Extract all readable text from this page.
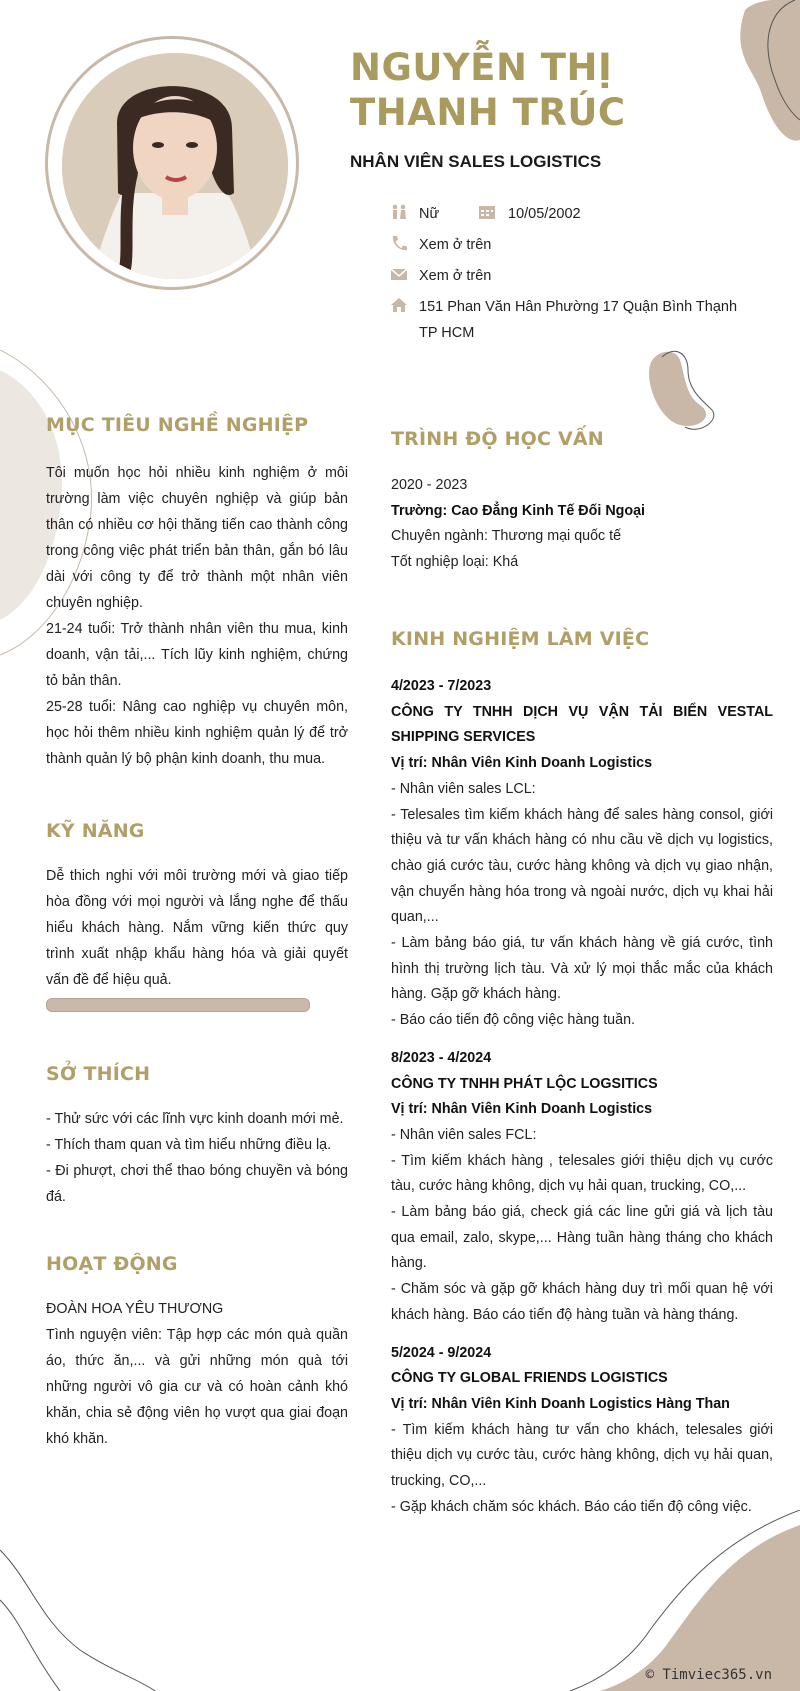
NGUYỄN THỊ THANH TRÚC
NHÂN VIÊN SALES LOGISTICS
Nữ	10/05/2002
Xem ở trên
Xem ở trên
151 Phan Văn Hân Phường 17 Quận Bình Thạnh
TP HCM
MỤC TIÊU NGHỀ NGHIỆP

Tôi muốn học hỏi nhiều kinh nghiệm ở môi trường làm việc chuyên nghiệp và giúp bản thân có nhiều cơ hội thăng tiến cao thành công trong công việc phát triển bản thân, gắn bó lâu dài với công ty để trở thành một nhân viên chuyên nghiệp.

21-24 tuổi: Trở thành nhân viên thu mua, kinh doanh, vận tải,... Tích lũy kinh nghiệm, chứng tỏ bản thân.

25-28 tuổi: Nâng cao nghiệp vụ chuyên môn, học hỏi thêm nhiều kinh nghiệm quản lý để trở thành quản lý bộ phận kinh doanh, thu mua.

KỸ NĂNG
Dễ thich nghi với môi trường mới và giao tiếp hòa đồng với mọi người và lắng nghe để thấu hiểu khách hàng. Nắm vững kiến thức quy trình xuất nhập khẩu hàng hóa và giải quyết vấn đề để hiệu quả.
SỞ THÍCH

- Thử sức với các lĩnh vực kinh doanh mới mẻ.

- Thích tham quan và tìm hiểu những điều lạ.

- Đi phượt, chơi thể thao bóng chuyền và bóng đá.

HOẠT ĐỘNG

ĐOÀN HOA YÊU THƯƠNG

Tình nguyện viên: Tập hợp các món quà quần áo, thức ăn,... và gửi những món quà tới những người vô gia cư và có hoàn cảnh khó khăn, chia sẻ động viên họ vượt qua giai đoạn khó khăn.

TRÌNH ĐỘ HỌC VẤN
2020 - 2023
Trường: Cao Đẳng Kinh Tế Đối Ngoại
Chuyên ngành: Thương mại quốc tế
Tốt nghiệp loại: Khá
KINH NGHIỆM LÀM VIỆC
4/2023 - 7/2023
CÔNG TY TNHH DỊCH VỤ VẬN TẢI BIỂN VESTAL SHIPPING SERVICES
Vị trí: Nhân Viên Kinh Doanh Logistics
- Nhân viên sales LCL:
- Telesales tìm kiếm khách hàng để sales hàng consol, giới thiệu và tư vấn khách hàng có nhu cầu về dịch vụ logistics, chào giá cước tàu, cước hàng không và dịch vụ giao nhận, vận chuyển hàng hóa trong và ngoài nước, dịch vụ khai hải quan,...
- Làm bảng báo giá, tư vấn khách hàng về giá cước, tình hình thị trường lịch tàu. Và xử lý mọi thắc mắc của khách hàng. Gặp gỡ khách hàng.
- Báo cáo tiến độ công việc hàng tuần.
8/2023 - 4/2024
CÔNG TY TNHH PHÁT LỘC LOGSITICS
Vị trí: Nhân Viên Kinh Doanh Logistics
- Nhân viên sales FCL:
- Tìm kiếm khách hàng , telesales giới thiệu dịch vụ cước tàu, cước hàng không, dịch vụ hải quan, trucking, CO,...
- Làm bảng báo giá, check giá các line gửi giá và lịch tàu qua email, zalo, skype,... Hàng tuần hàng tháng cho khách hàng.
- Chăm sóc và gặp gỡ khách hàng duy trì mối quan hệ với khách hàng. Báo cáo tiến độ hàng tuần và hàng tháng.
5/2024 - 9/2024
CÔNG TY GLOBAL FRIENDS LOGISTICS
Vị trí: Nhân Viên Kinh Doanh Logistics Hàng Than
- Tìm kiếm khách hàng tư vấn cho khách, telesales giới thiệu dịch vụ cước tàu, cước hàng không, dịch vụ hải quan, trucking, CO,...
- Gặp khách chăm sóc khách. Báo cáo tiến độ công việc.
© Timviec365.vn
